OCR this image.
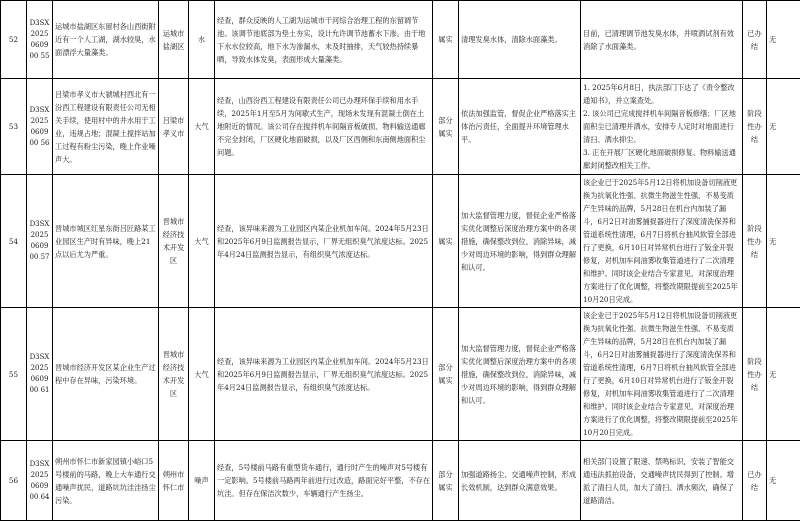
52	D3SX2025060900 55	运城市盐湖区东留村各山西街附近有一个人工湖，湖水较臭，水面漂浮大量藻类。	运城市盐湖区	水	经查，群众反映的人工湖为运城市干河综合治理工程的东留调节池。该调节池底部为垫土夯实，设计允许调节池蓄水下渗。由于地下水水位较高，地下水为渗漏水，未及时抽排，天气较热持续暴晒，导致水体发臭，表面形成大量藻类。	属实	清理发臭水体，清除水面藻类。	目前，已清理调节池发臭水体，并喷洒试剂有效消除了水面藻类。	已办结	无
53	D3SX2025060900 56	吕梁市孝义市大虢城村西北有一汾西工程建设有限责任公司无相关手续，使用村中的井水用于工业，违规占地；混凝土搅拌站加工过程有粉尘污染，晚上作业噪声大。	吕梁市孝义市	大气	经查，山西汾西工程建设有限责任公司已办理环保手续和用水手续，2025年1月至5月为间歇式生产，现场未发现有混凝土倒在土地附近的情况。该公司存在搅拌机车间隔音板破损、物料输送通廊不完全封闭，厂区硬化地面破损，以及厂区西侧和东南侧地面积尘问题。	部分属实	依法加强监管，督促企业严格落实主体治污责任，全面提升环境管理水平。	1. 2025年6月8日，执法部门下达了《责令整改通知书》，并立案查处。
2. 该公司已完成搅拌机车间隔音板修缮；厂区地面积尘已清理并洒水，安排专人定时对地面进行清扫、洒水抑尘。
3. 正在开展厂区硬化地面破损修复、物料输送通廊封闭整改相关工作。	阶段性办结	无
54	D3SX2025060900 57	晋城市城区红星东街吕匠路某工业园区生产时有异味，晚上21点以后尤为严重。	晋城市经济技术开发区	大气	经查，该异味来源为工业园区内某企业机加车间。2024年5月23日和2025年6月9日监测报告显示，厂界无组织臭气浓度达标。2025年4月24日监测报告显示，有组织臭气浓度达标。	属实	加大监督管理力度，督促企业严格落实优化调整后深度治理方案中的各项措施，确保整改到位，消除异味，减少对周边环境的影响，得到群众理解和认可。	该企业已于2025年5月12日将机加设备切削液更换为抗氧化性强、抗微生物滋生性强、不易变质产生异味的品牌，5月28日在机台内加装了漏斗，6月2日对油雾捕捉器进行了深度清洗保养和管道系统性清理，6月7日将机台抽风软管全部进行了更换，6月10日对异常机台进行了钣金开裂修复，对机加车间油雾收集管道进行了二次清理和维护。同时该企业结合专家意见，对深度治理方案进行了优化调整，将整改期限提前至2025年10月20日完成。	阶段性办结	无
55	D3SX2025060900 61	晋城市经济开发区某企业生产过程中存在异味，污染环境。	晋城市经济技术开发区	大气	经查，该异味来源为工业园区内某企业机加车间。2024年5月23日和2025年6月9日监测报告显示，厂界无组织臭气浓度达标。2025年4月24日监测报告显示，有组织臭气浓度达标。	部分属实	加大监督管理力度，督促企业严格落实优化调整后深度治理方案中的各项措施，确保整改到位，消除异味，减少对周边环境的影响，得到群众理解和认可。	该企业已于2025年5月12日将机加设备切削液更换为抗氧化性强、抗微生物滋生性强、不易变质产生异味的品牌，5月28日在机台内加装了漏斗，6月2日对油雾捕捉器进行了深度清洗保养和管道系统性清理，6月7日将机台抽风软管全部进行了更换，6月10日对异常机台进行了钣金开裂修复，对机加车间油雾收集管道进行了二次清理和维护。同时该企业结合专家意见，对深度治理方案进行了优化调整，将整改期限提前至2025年10月20日完成。	阶段性办结	无
56	D3SX2025060900 64	朔州市怀仁市新家园镇小峪口5号楼前的马路，晚上大车通行交通噪声扰民，道路坑坑洼洼扬尘污染。	朔州市怀仁市	噪声	经查，5号楼前马路有重型货车通行，通行时产生的噪声对5号楼有一定影响。5号楼前马路两年前进行过改造，路面完好平整，不存在坑洼。但存在保洁次数少，车辆通行产生扬尘。	部分属实	加强道路扬尘、交通噪声控制，形成长效机制，达到群众满意效果。	相关部门设置了限速、禁鸣标识，安装了智能交通违法抓拍设备，交通噪声扰民得到了控制。增派了清扫人员，加大了清扫、洒水频次，确保了道路清洁。	已办结	无
